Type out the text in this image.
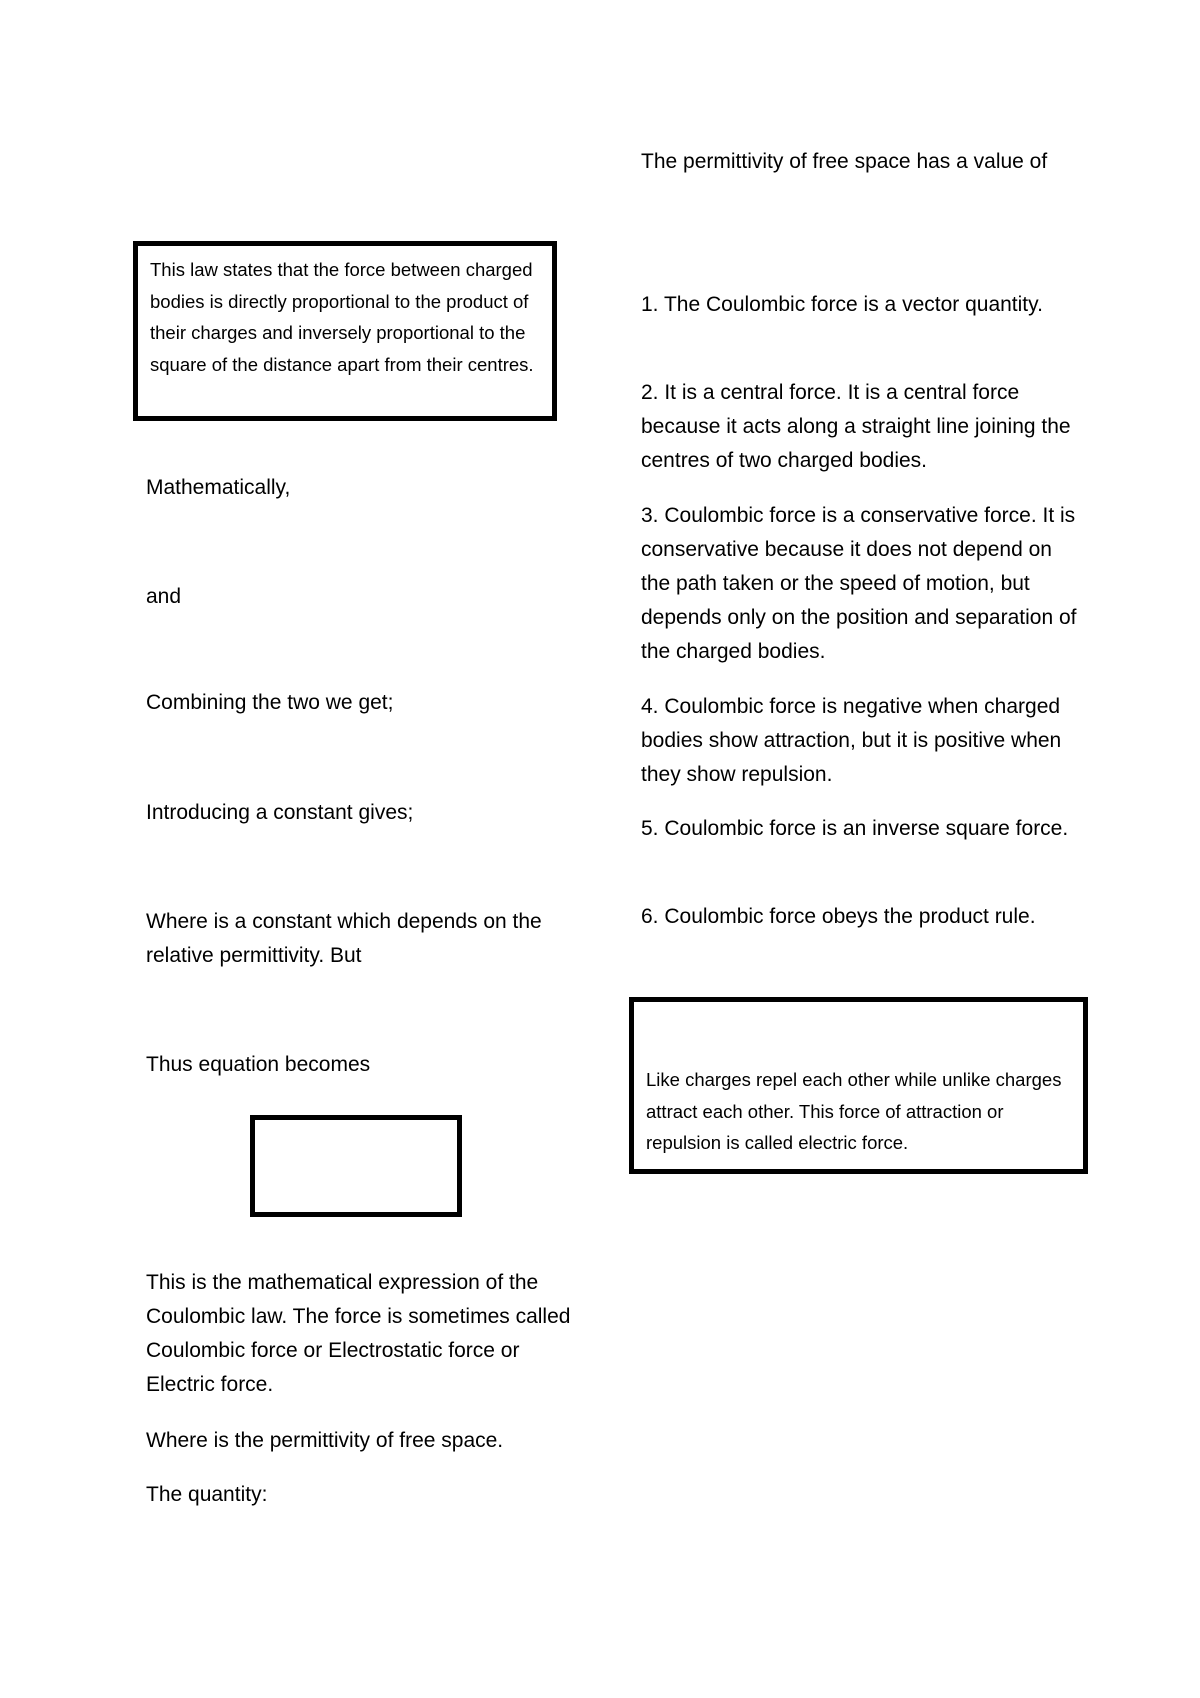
This law states that the force between charged bodies is directly proportional to the product of their charges and inversely proportional to the square of the distance apart from their centres.

Mathematically,

and

Combining the two we get;

Introducing a constant gives;

Where is a constant which depends on the relative permittivity. But

Thus equation becomes

This is the mathematical expression of the Coulombic law. The force is sometimes called Coulombic force or Electrostatic force or Electric force.

Where is the permittivity of free space.

The quantity:

The permittivity of free space has a value of

1. The Coulombic force is a vector quantity.

2. It is a central force. It is a central force because it acts along a straight line joining the centres of two charged bodies.

3. Coulombic force is a conservative force. It is conservative because it does not depend on the path taken or the speed of motion, but depends only on the position and separation of the charged bodies.

4. Coulombic force is negative when charged bodies show attraction, but it is positive when they show repulsion.

5. Coulombic force is an inverse square force.

6. Coulombic force obeys the product rule.

Like charges repel each other while unlike charges attract each other. This force of attraction or repulsion is called electric force.
